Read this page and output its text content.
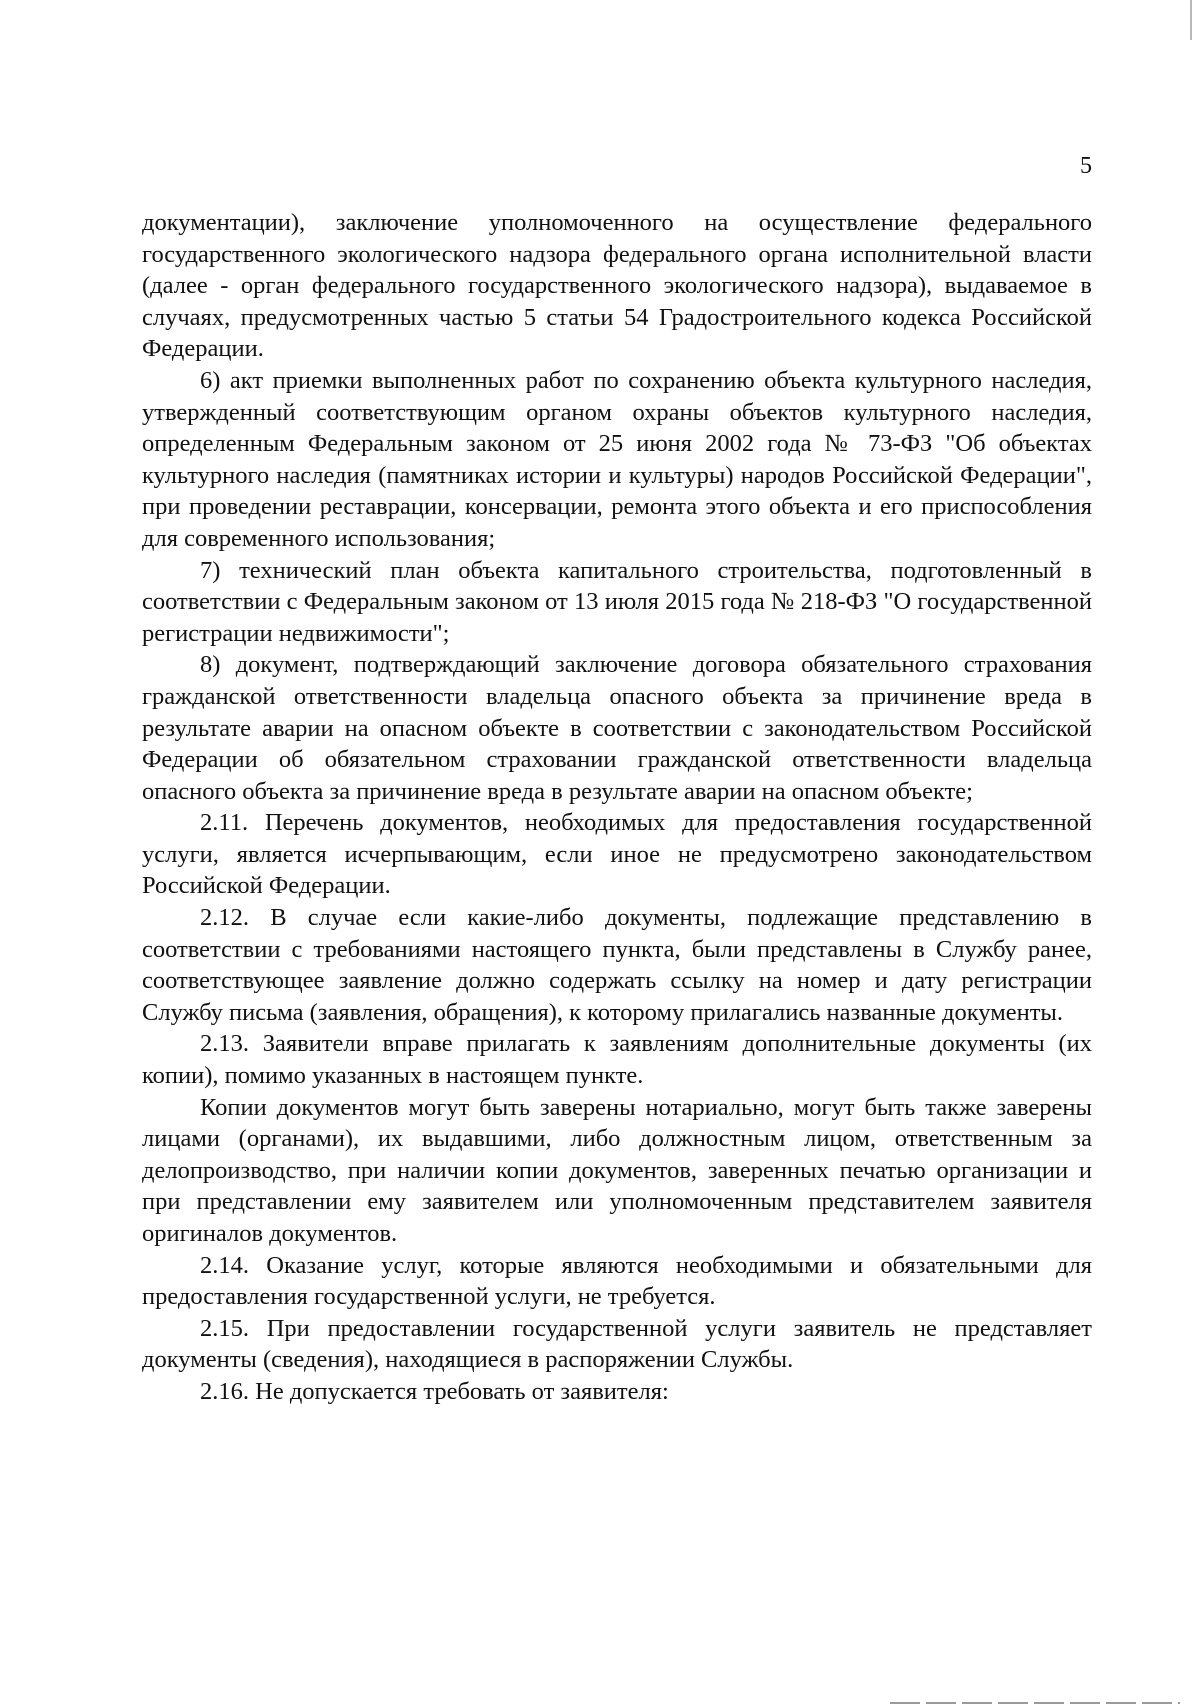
5

документации), заключение уполномоченного на осуществление федерального государственного экологического надзора федерального органа исполнительной власти (далее - орган федерального государственного экологического надзора), выдаваемое в случаях, предусмотренных частью 5 статьи 54 Градостроительного кодекса Российской Федерации.

6) акт приемки выполненных работ по сохранению объекта культурного наследия, утвержденный соответствующим органом охраны объектов культурного наследия, определенным Федеральным законом от 25 июня 2002 года № 73-ФЗ "Об объектах культурного наследия (памятниках истории и культуры) народов Российской Федерации", при проведении реставрации, консервации, ремонта этого объекта и его приспособления для современного использования;

7) технический план объекта капитального строительства, подготовленный в соответствии с Федеральным законом от 13 июля 2015 года № 218-ФЗ "О государственной регистрации недвижимости";

8) документ, подтверждающий заключение договора обязательного страхования гражданской ответственности владельца опасного объекта за причинение вреда в результате аварии на опасном объекте в соответствии с законодательством Российской Федерации об обязательном страховании гражданской ответственности владельца опасного объекта за причинение вреда в результате аварии на опасном объекте;

2.11. Перечень документов, необходимых для предоставления государственной услуги, является исчерпывающим, если иное не предусмотрено законодательством Российской Федерации.

2.12. В случае если какие-либо документы, подлежащие представлению в соответствии с требованиями настоящего пункта, были представлены в Службу ранее, соответствующее заявление должно содержать ссылку на номер и дату регистрации Службу письма (заявления, обращения), к которому прилагались названные документы.

2.13. Заявители вправе прилагать к заявлениям дополнительные документы (их копии), помимо указанных в настоящем пункте.

Копии документов могут быть заверены нотариально, могут быть также заверены лицами (органами), их выдавшими, либо должностным лицом, ответственным за делопроизводство, при наличии копии документов, заверенных печатью организации и при представлении ему заявителем или уполномоченным представителем заявителя оригиналов документов.

2.14. Оказание услуг, которые являются необходимыми и обязательными для предоставления государственной услуги, не требуется.

2.15. При предоставлении государственной услуги заявитель не представляет документы (сведения), находящиеся в распоряжении Службы.

2.16. Не допускается требовать от заявителя:
